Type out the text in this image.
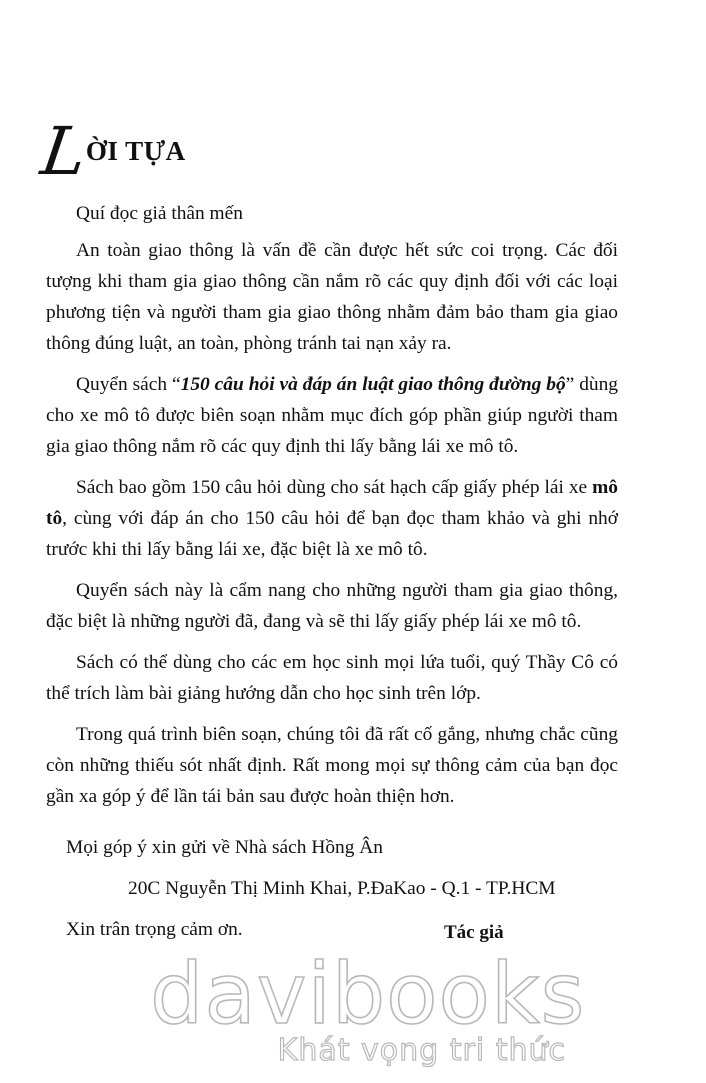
L
ỜI TỰA

Quí đọc giả thân mến

An toàn giao thông là vấn đề cần được hết sức coi trọng. Các đối tượng khi tham gia giao thông cần nắm rõ các quy định đối với các loại phương tiện và người tham gia giao thông nhằm đảm bảo tham gia giao thông đúng luật, an toàn, phòng tránh tai nạn xảy ra.

Quyển sách “150 câu hỏi và đáp án luật giao thông đường bộ” dùng cho xe mô tô được biên soạn nhằm mục đích góp phần giúp người tham gia giao thông nắm rõ các quy định thi lấy bằng lái xe mô tô.

Sách bao gồm 150 câu hỏi dùng cho sát hạch cấp giấy phép lái xe mô tô, cùng với đáp án cho 150 câu hỏi để bạn đọc tham khảo và ghi nhớ trước khi thi lấy bằng lái xe, đặc biệt là xe mô tô.

Quyển sách này là cẩm nang cho những người tham gia giao thông, đặc biệt là những người đã, đang và sẽ thi lấy giấy phép lái xe mô tô.

Sách có thể dùng cho các em học sinh mọi lứa tuổi, quý Thầy Cô có thể trích làm bài giảng hướng dẫn cho học sinh trên lớp.

Trong quá trình biên soạn, chúng tôi đã rất cố gắng, nhưng chắc cũng còn những thiếu sót nhất định. Rất mong mọi sự thông cảm của bạn đọc gần xa góp ý để lần tái bản sau được hoàn thiện hơn.

Mọi góp ý xin gửi về Nhà sách Hồng Ân

20C Nguyễn Thị Minh Khai, P.ĐaKao - Q.1 - TP.HCM

Xin trân trọng cảm ơn.	Tác giả
davibooks
Khát vọng tri thức
